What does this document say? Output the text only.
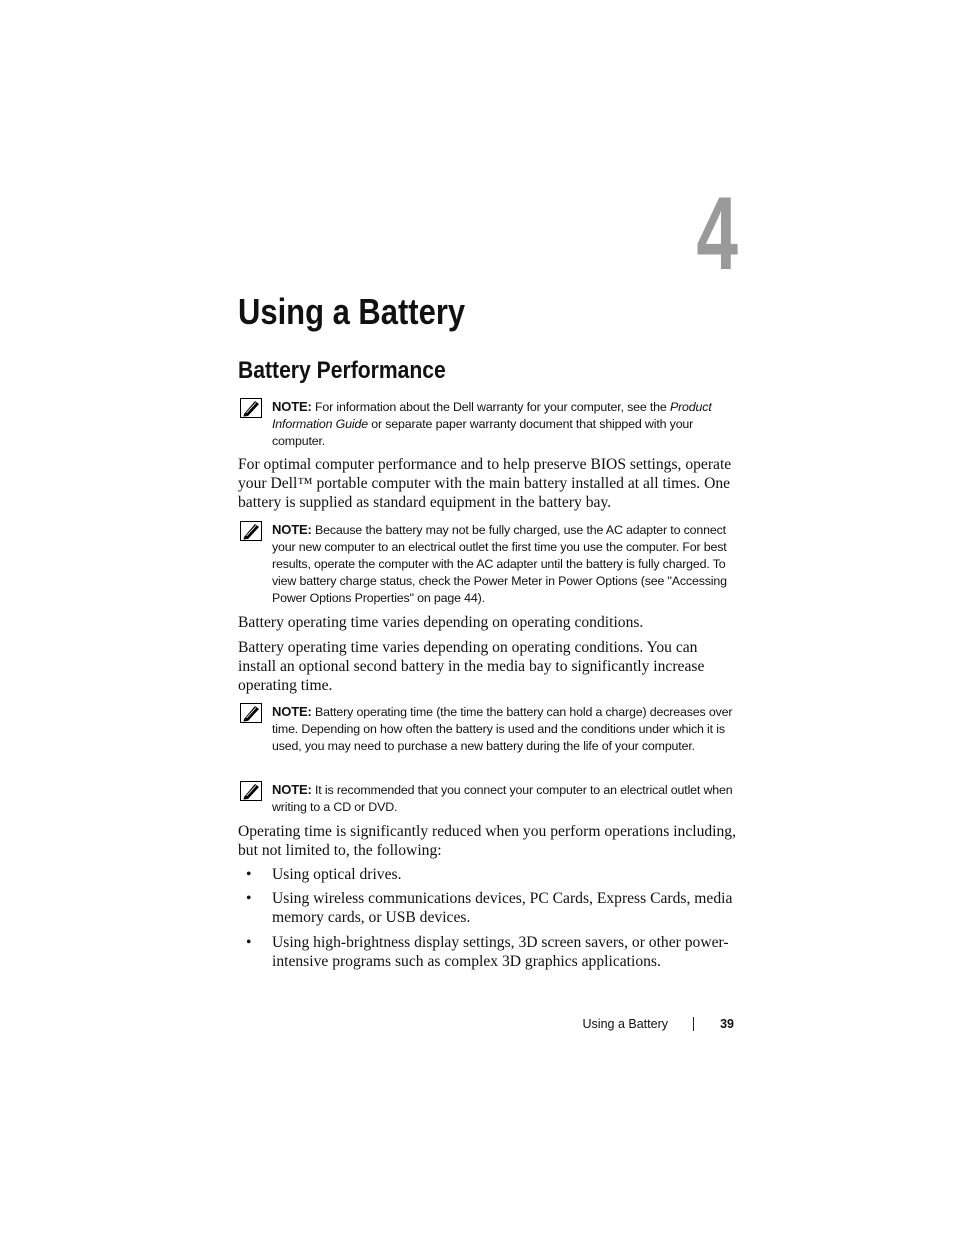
4
Using a Battery
Battery Performance
NOTE: For information about the Dell warranty for your computer, see the Product Information Guide or separate paper warranty document that shipped with your computer.

For optimal computer performance and to help preserve BIOS settings, operate your Dell™ portable computer with the main battery installed at all times. One battery is supplied as standard equipment in the battery bay.

NOTE: Because the battery may not be fully charged, use the AC adapter to connect your new computer to an electrical outlet the first time you use the computer. For best results, operate the computer with the AC adapter until the battery is fully charged. To view battery charge status, check the Power Meter in Power Options (see "Accessing Power Options Properties" on page 44).

Battery operating time varies depending on operating conditions.

Battery operating time varies depending on operating conditions. You can install an optional second battery in the media bay to significantly increase operating time.

NOTE: Battery operating time (the time the battery can hold a charge) decreases over time. Depending on how often the battery is used and the conditions under which it is used, you may need to purchase a new battery during the life of your computer.
NOTE: It is recommended that you connect your computer to an electrical outlet when writing to a CD or DVD.

Operating time is significantly reduced when you perform operations including, but not limited to, the following:

• Using optical drives.
• Using wireless communications devices, PC Cards, Express Cards, media memory cards, or USB devices.
• Using high-brightness display settings, 3D screen savers, or other power-intensive programs such as complex 3D graphics applications.
Using a Battery	39
